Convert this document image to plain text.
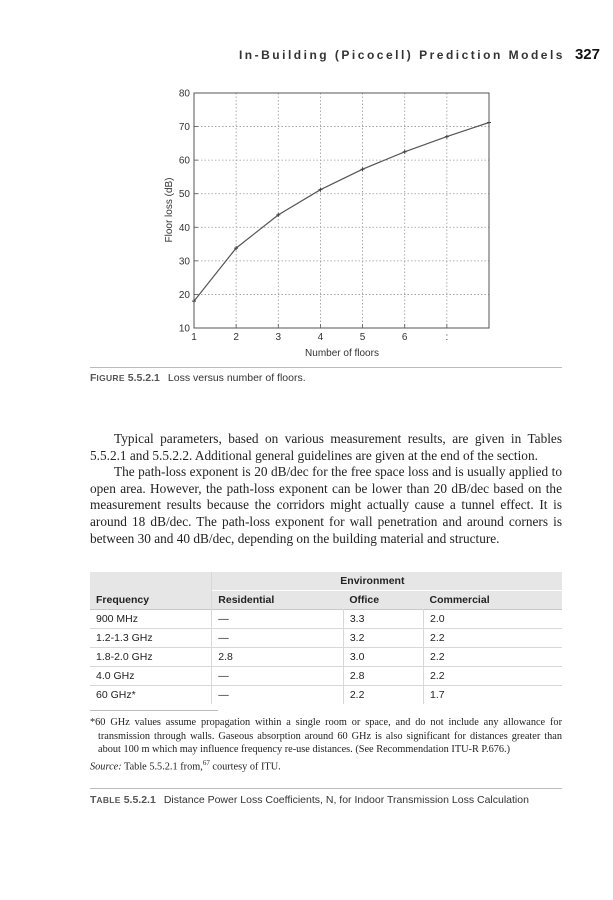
In-Building (Picocell) Prediction Models 327
1	2	3	4	5	6	:
10
20
30
40
50
60
70
80
Number of floors
Floor loss (dB)
FIGURE 5.5.2.1 Loss versus number of floors.

Typical parameters, based on various measurement results, are given in Tables 5.5.2.1 and 5.5.2.2. Additional general guidelines are given at the end of the section.

The path-loss exponent is 20 dB/dec for the free space loss and is usually applied to open area. However, the path-loss exponent can be lower than 20 dB/dec based on the measurement results because the corridors might actually cause a tunnel effect. It is around 18 dB/dec. The path-loss exponent for wall penetration and around corners is between 30 and 40 dB/dec, depending on the building material and structure.

	Environment		
Frequency	Residential	Office	Commercial
900 MHz	—	3.3	2.0
1.2-1.3 GHz	—	3.2	2.2
1.8-2.0 GHz	2.8	3.0	2.2
4.0 GHz	—	2.8	2.2
60 GHz*	—	2.2	1.7

*60 GHz values assume propagation within a single room or space, and do not include any allowance for transmission through walls. Gaseous absorption around 60 GHz is also significant for distances greater than about 100 m which may influence frequency re-use distances. (See Recommendation ITU-R P.676.)

Source: Table 5.5.2.1 from,$^{67}$ courtesy of ITU.

TABLE 5.5.2.1 Distance Power Loss Coefficients, N, for Indoor Transmission Loss Calculation
